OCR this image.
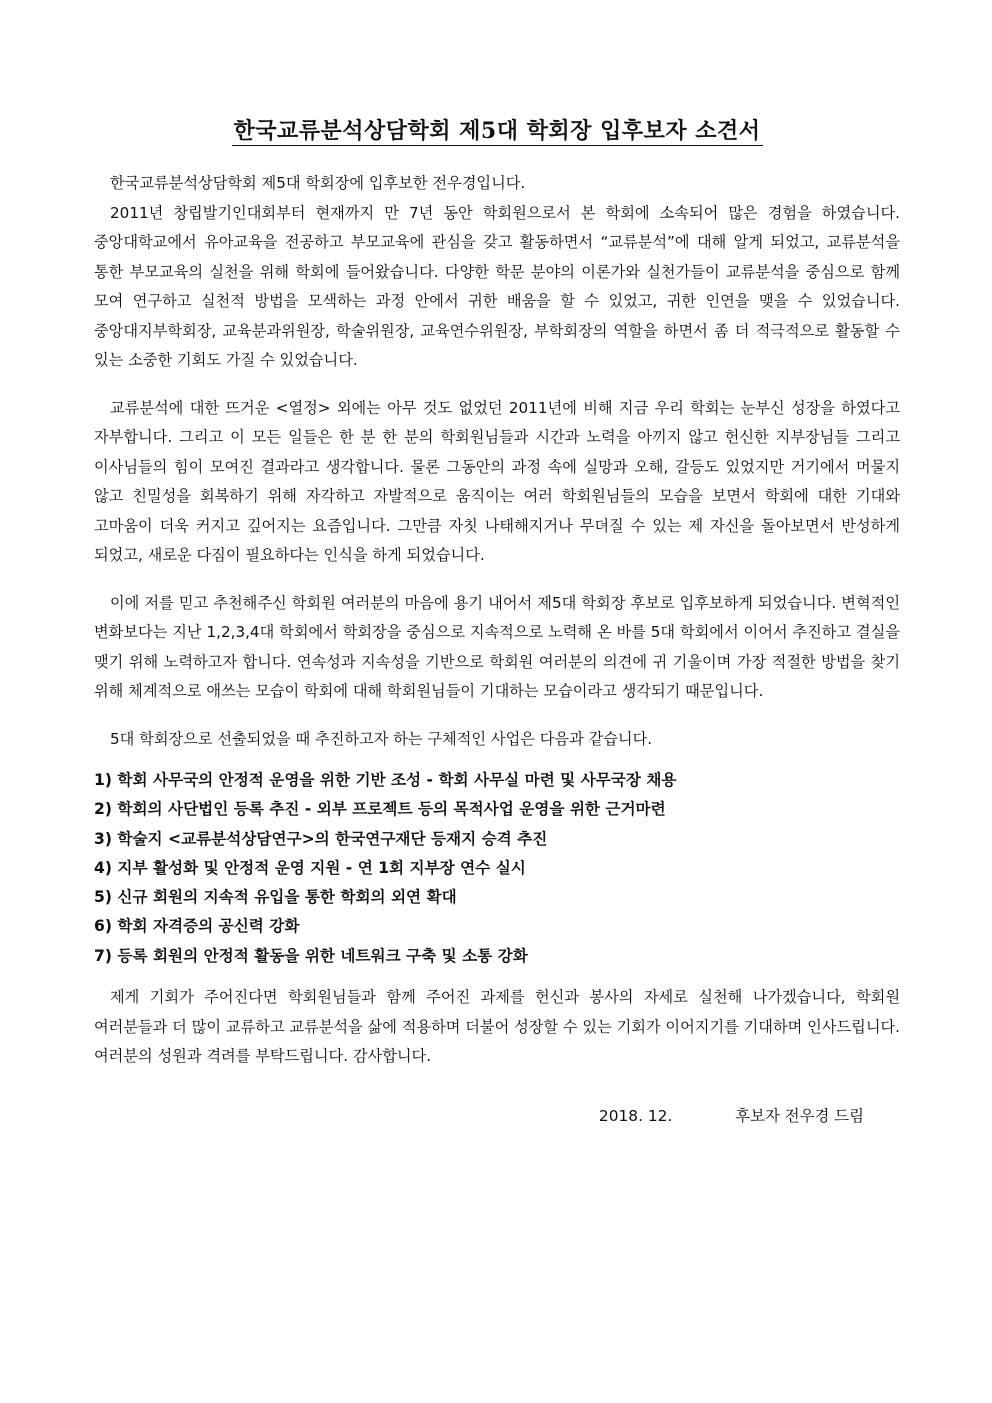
한국교류분석상담학회 제5대 학회장 입후보자 소견서

한국교류분석상담학회 제5대 학회장에 입후보한 전우경입니다.

2011년 창립발기인대회부터 현재까지 만 7년 동안 학회원으로서 본 학회에 소속되어 많은 경험을 하였습니다. 중앙대학교에서 유아교육을 전공하고 부모교육에 관심을 갖고 활동하면서 “교류분석”에 대해 알게 되었고, 교류분석을 통한 부모교육의 실천을 위해 학회에 들어왔습니다. 다양한 학문 분야의 이론가와 실천가들이 교류분석을 중심으로 함께 모여 연구하고 실천적 방법을 모색하는 과정 안에서 귀한 배움을 할 수 있었고, 귀한 인연을 맺을 수 있었습니다. 중앙대지부학회장, 교육분과위원장, 학술위원장, 교육연수위원장, 부학회장의 역할을 하면서 좀 더 적극적으로 활동할 수 있는 소중한 기회도 가질 수 있었습니다.

교류분석에 대한 뜨거운 <열정> 외에는 아무 것도 없었던 2011년에 비해 지금 우리 학회는 눈부신 성장을 하였다고 자부합니다. 그리고 이 모든 일들은 한 분 한 분의 학회원님들과 시간과 노력을 아끼지 않고 헌신한 지부장님들 그리고 이사님들의 힘이 모여진 결과라고 생각합니다. 물론 그동안의 과정 속에 실망과 오해, 갈등도 있었지만 거기에서 머물지 않고 친밀성을 회복하기 위해 자각하고 자발적으로 움직이는 여러 학회원님들의 모습을 보면서 학회에 대한 기대와 고마움이 더욱 커지고 깊어지는 요즘입니다. 그만큼 자칫 나태해지거나 무뎌질 수 있는 제 자신을 돌아보면서 반성하게 되었고, 새로운 다짐이 필요하다는 인식을 하게 되었습니다.

이에 저를 믿고 추천해주신 학회원 여러분의 마음에 용기 내어서 제5대 학회장 후보로 입후보하게 되었습니다. 변혁적인 변화보다는 지난 1,2,3,4대 학회에서 학회장을 중심으로 지속적으로 노력해 온 바를 5대 학회에서 이어서 추진하고 결실을 맺기 위해 노력하고자 합니다. 연속성과 지속성을 기반으로 학회원 여러분의 의견에 귀 기울이며 가장 적절한 방법을 찾기 위해 체계적으로 애쓰는 모습이 학회에 대해 학회원님들이 기대하는 모습이라고 생각되기 때문입니다.

5대 학회장으로 선출되었을 때 추진하고자 하는 구체적인 사업은 다음과 같습니다.

1) 학회 사무국의 안정적 운영을 위한 기반 조성 - 학회 사무실 마련 및 사무국장 채용
2) 학회의 사단법인 등록 추진 - 외부 프로젝트 등의 목적사업 운영을 위한 근거마련
3) 학술지 <교류분석상담연구>의 한국연구재단 등재지 승격 추진
4) 지부 활성화 및 안정적 운영 지원 - 연 1회 지부장 연수 실시
5) 신규 회원의 지속적 유입을 통한 학회의 외연 확대
6) 학회 자격증의 공신력 강화
7) 등록 회원의 안정적 활동을 위한 네트워크 구축 및 소통 강화

제게 기회가 주어진다면 학회원님들과 함께 주어진 과제를 헌신과 봉사의 자세로 실천해 나가겠습니다, 학회원 여러분들과 더 많이 교류하고 교류분석을 삶에 적용하며 더불어 성장할 수 있는 기회가 이어지기를 기대하며 인사드립니다. 여러분의 성원과 격려를 부탁드립니다. 감사합니다.

2018. 12.	후보자 전우경 드림
